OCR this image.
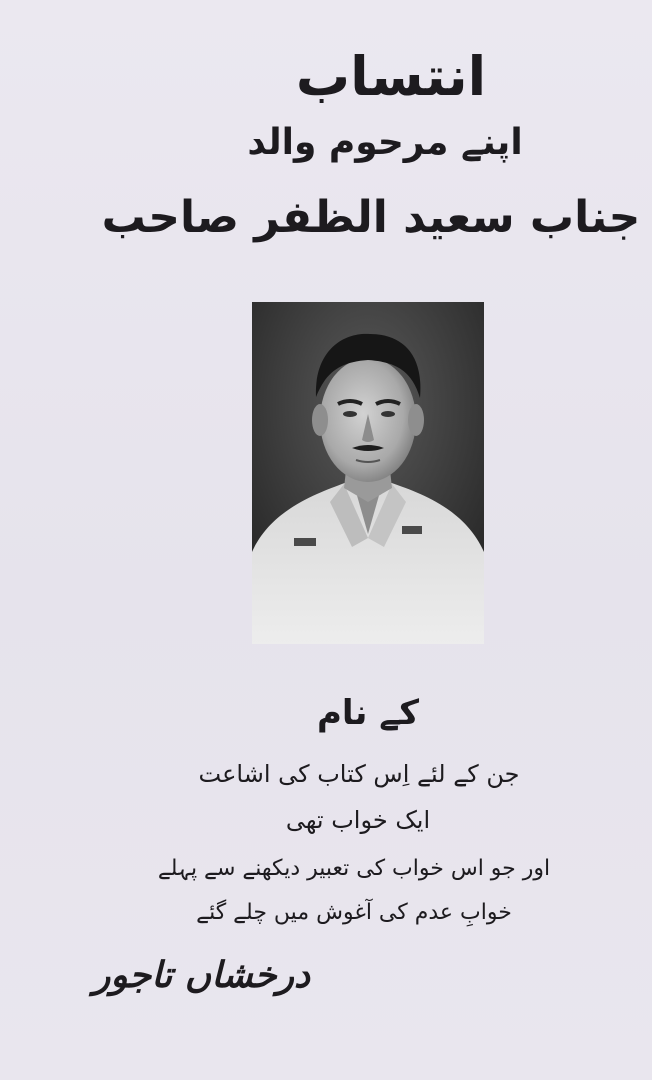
انتساب
اپنے مرحوم والد
جناب سعید الظفر صاحب
کے نام
جن کے لئے اِس کتاب کی اشاعت
ایک خواب تھی
اور جو اس خواب کی تعبیر دیکھنے سے پہلے
خوابِ عدم کی آغوش میں چلے گئے
درخشاں تاجور
